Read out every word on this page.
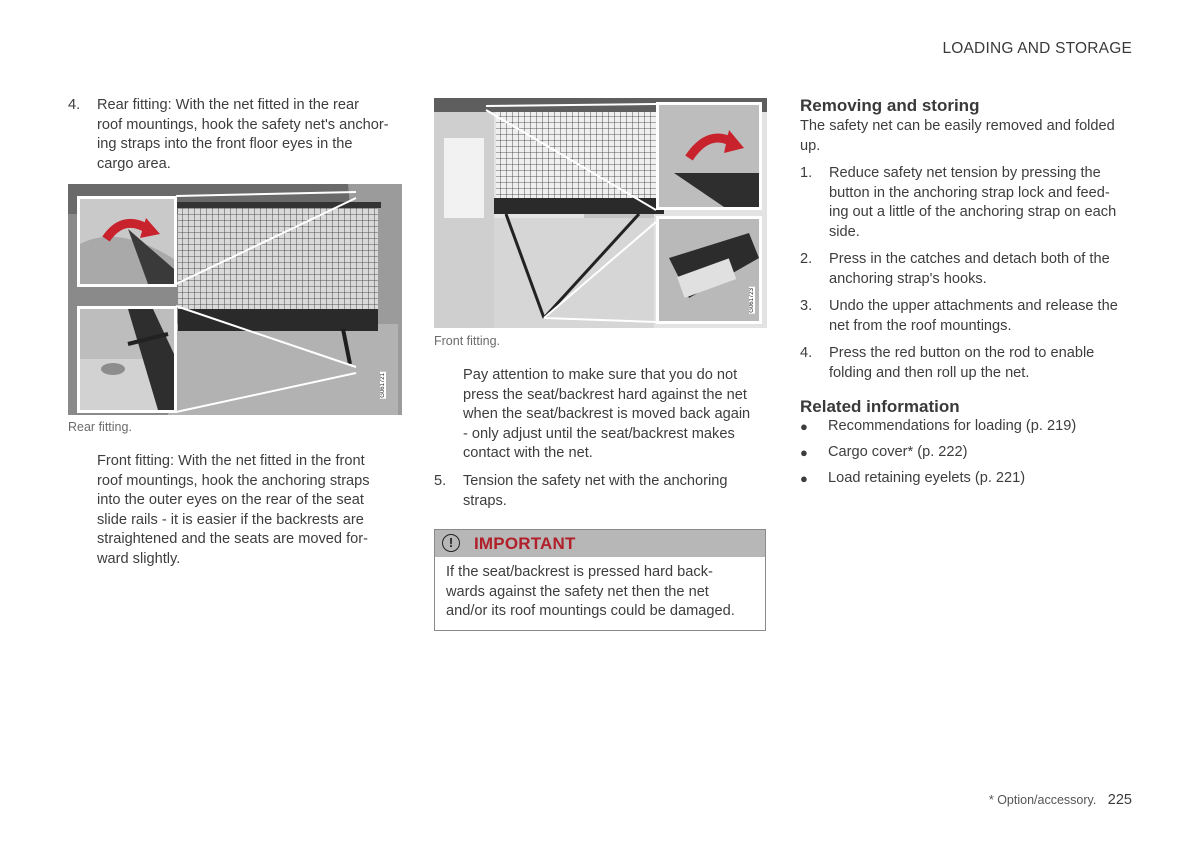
LOADING AND STORAGE
4. Rear fitting: With the net fitted in the rear
roof mountings, hook the safety net's anchor-
ing straps into the front floor eyes in the
cargo area.
G061721
Rear fitting.
Front fitting: With the net fitted in the front
roof mountings, hook the anchoring straps
into the outer eyes on the rear of the seat
slide rails - it is easier if the backrests are
straightened and the seats are moved for-
ward slightly.
G061723
Front fitting.
Pay attention to make sure that you do not
press the seat/backrest hard against the net
when the seat/backrest is moved back again
- only adjust until the seat/backrest makes
contact with the net.
5. Tension the safety net with the anchoring
straps.
!	IMPORTANT
If the seat/backrest is pressed hard back-
wards against the safety net then the net
and/or its roof mountings could be damaged.
Removing and storing
The safety net can be easily removed and folded
up.
1. Reduce safety net tension by pressing the
button in the anchoring strap lock and feed-
ing out a little of the anchoring strap on each
side.
2. Press in the catches and detach both of the
anchoring strap's hooks.
3. Undo the upper attachments and release the
net from the roof mountings.
4. Press the red button on the rod to enable
folding and then roll up the net.
Related information
● Recommendations for loading (p. 219)
● Cargo cover* (p. 222)
● Load retaining eyelets (p. 221)
* Option/accessory. 225
